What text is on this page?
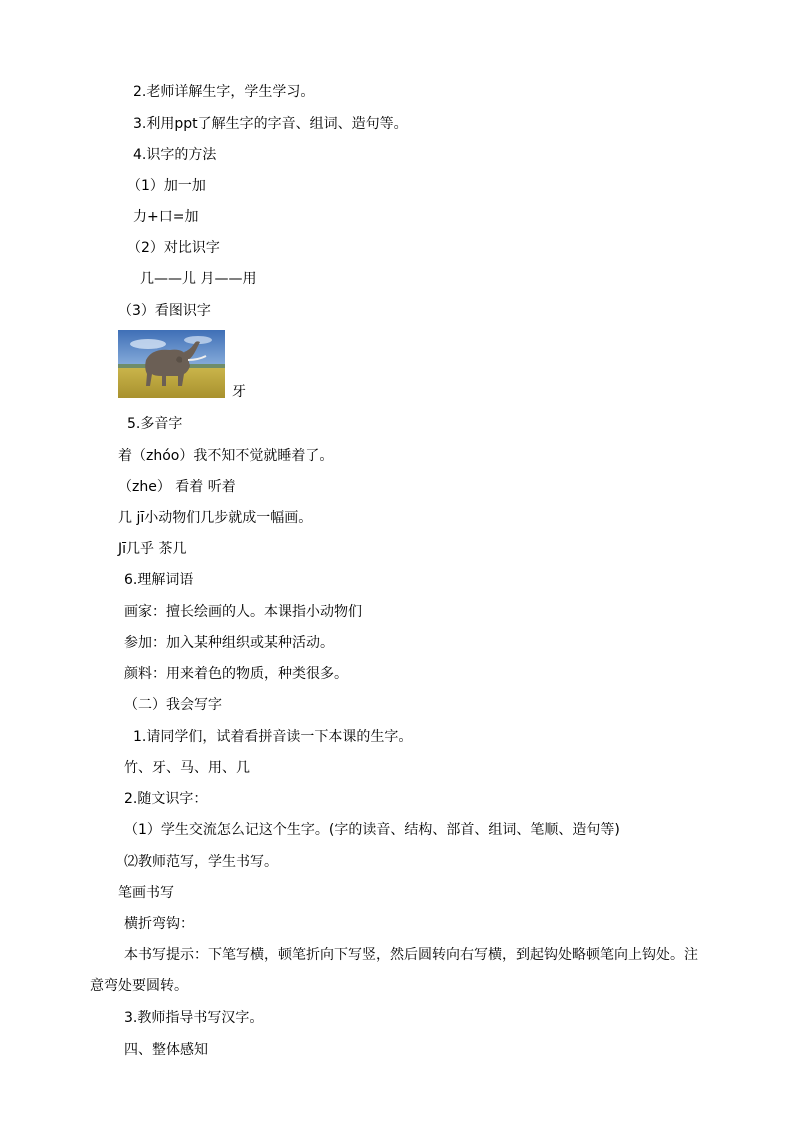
2.老师详解生字，学生学习。
3.利用ppt了解生字的字音、组词、造句等。
4.识字的方法
（1）加一加
力+口=加
（2）对比识字
几——儿 月——用
（3）看图识字
牙
5.多音字
着（zhóo）我不知不觉就睡着了。
（zhe） 看着 听着
几 jī小动物们几步就成一幅画。
Jī几乎 茶几
6.理解词语
画家：擅长绘画的人。本课指小动物们
参加：加入某种组织或某种活动。
颜料：用来着色的物质，种类很多。
（二）我会写字
1.请同学们，试着看拼音读一下本课的生字。
竹、牙、马、用、几
2.随文识字：
（1）学生交流怎么记这个生字。(字的读音、结构、部首、组词、笔顺、造句等)
⑵教师范写，学生书写。
笔画书写
横折弯钩：
本书写提示：下笔写横，顿笔折向下写竖，然后圆转向右写横，到起钩处略顿笔向上钩处。注意弯处要圆转。
3.教师指导书写汉字。
四、整体感知
